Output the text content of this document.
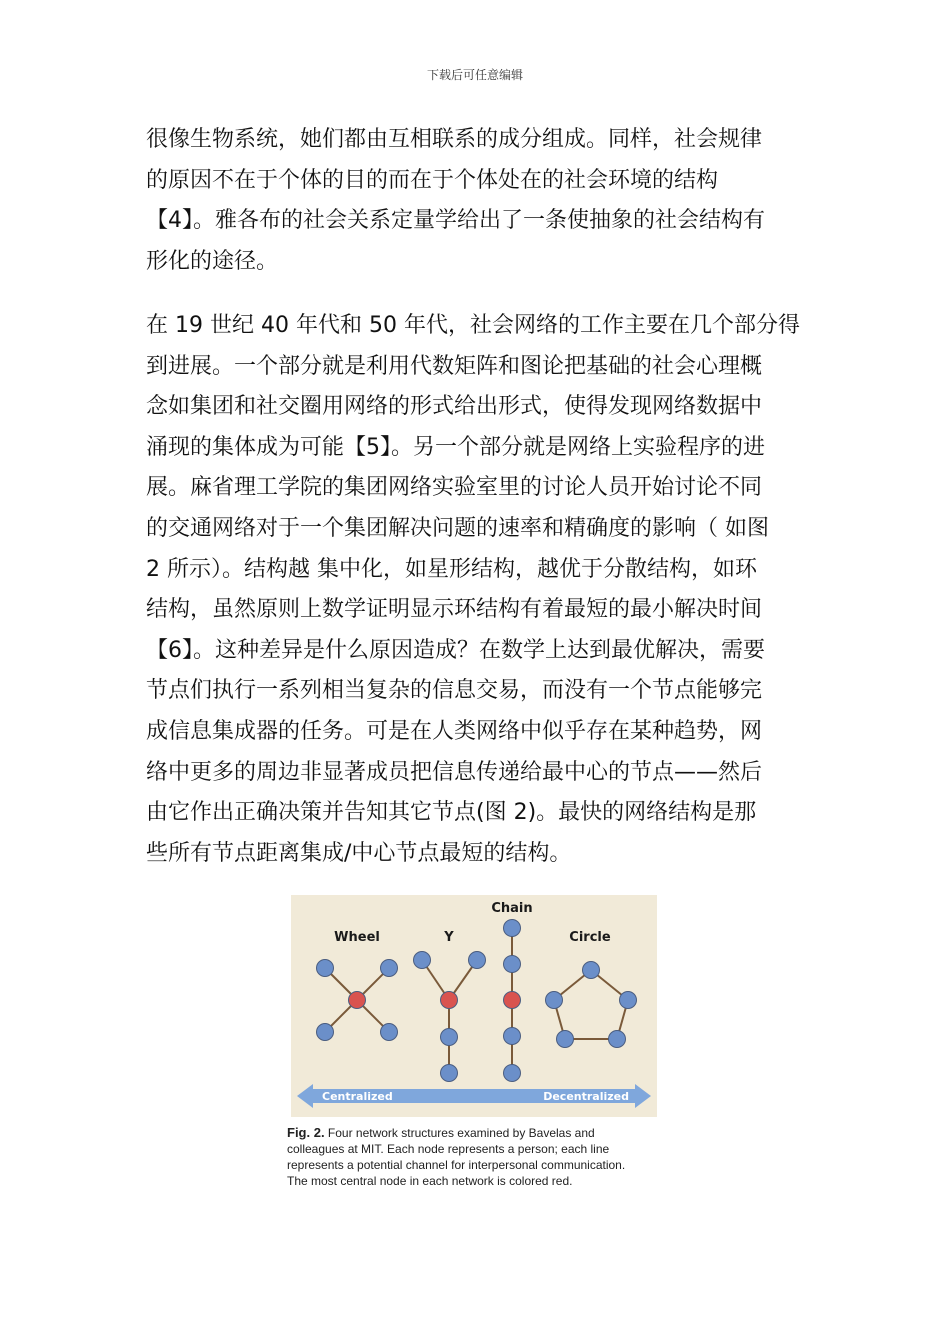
下载后可任意编辑
很像生物系统，她们都由互相联系的成分组成。同样，社会规律
的原因不在于个体的目的而在于个体处在的社会环境的结构
【4】。雅各布的社会关系定量学给出了一条使抽象的社会结构有
形化的途径。
在 19 世纪 40 年代和 50 年代，社会网络的工作主要在几个部分得
到进展。一个部分就是利用代数矩阵和图论把基础的社会心理概
念如集团和社交圈用网络的形式给出形式，使得发现网络数据中
涌现的集体成为可能【5】。另一个部分就是网络上实验程序的进
展。麻省理工学院的集团网络实验室里的讨论人员开始讨论不同
的交通网络对于一个集团解决问题的速率和精确度的影响（ 如图
2 所示）。结构越 集中化，如星形结构，越优于分散结构，如环
结构，虽然原则上数学证明显示环结构有着最短的最小解决时间
【6】。这种差异是什么原因造成？在数学上达到最优解决，需要
节点们执行一系列相当复杂的信息交易，而没有一个节点能够完
成信息集成器的任务。可是在人类网络中似乎存在某种趋势，网
络中更多的周边非显著成员把信息传递给最中心的节点——然后
由它作出正确决策并告知其它节点(图 2)。最快的网络结构是那
些所有节点距离集成/中心节点最短的结构。
Centralized	Decentralized
Wheel	Y
Chain
Circle
Fig. 2. Four network structures examined by Bavelas and
colleagues at MIT. Each node represents a person; each line
represents a potential channel for interpersonal communication.
The most central node in each network is colored red.
